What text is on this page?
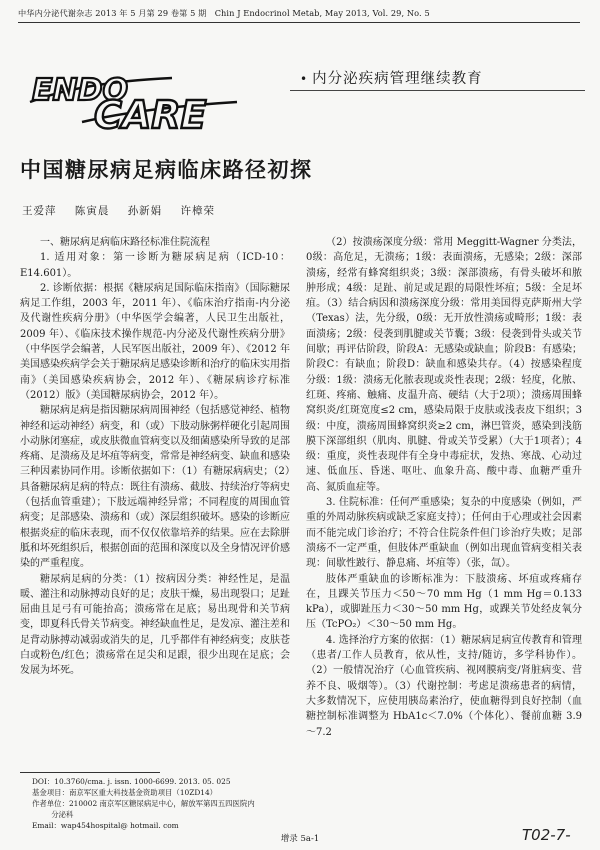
中华内分泌代谢杂志 2013 年 5 月第 29 卷第 5 期　Chin J Endocrinol Metab, May 2013, Vol. 29, No. 5
ENDO
CARE
• 内分泌疾病管理继续教育
中国糖尿病足病临床路径初探
王爱萍 陈寅晨 孙新娟 许樟荣

一、糖尿病足病临床路径标准住院流程

1. 适用对象：第一诊断为糖尿病足病（ICD-10：E14.601）。

2. 诊断依据：根据《糖尿病足国际临床指南》（国际糖尿病足工作组，2003 年，2011 年）、《临床治疗指南-内分泌及代谢性疾病分册》（中华医学会编著，人民卫生出版社，2009 年）、《临床技术操作规范-内分泌及代谢性疾病分册》（中华医学会编著，人民军医出版社，2009 年）、《2012 年美国感染疾病学会关于糖尿病足感染诊断和治疗的临床实用指南》（美国感染疾病协会，2012 年）、《糖尿病诊疗标准（2012）版》（美国糖尿病协会，2012 年）。

糖尿病足病是指因糖尿病周围神经（包括感觉神经、植物神经和运动神经）病变，和（或）下肢动脉粥样硬化引起周围小动脉闭塞症，或皮肤微血管病变以及细菌感染所导致的足部疼痛、足溃疡及足坏疽等病变，常常是神经病变、缺血和感染三种因素协同作用。诊断依据如下：（1）有糖尿病病史；（2）具备糖尿病足病的特点：既往有溃疡、截肢、持续治疗等病史（包括血管重建）；下肢远端神经异常；不同程度的周围血管病变；足部感染、溃疡和（或）深层组织破坏。感染的诊断应根据炎症的临床表现，而不仅仅依靠培养的结果。应在去除胼胝和坏死组织后，根据创面的范围和深度以及全身情况评价感染的严重程度。

糖尿病足病的分类：（1）按病因分类：神经性足，是温暖、灌注和动脉搏动良好的足；皮肤干燥，易出现裂口；足趾屈曲且足弓有可能抬高；溃疡常在足底；易出现骨和关节病变，即夏科氏骨关节病变。神经缺血性足，是发凉、灌注差和足背动脉搏动减弱或消失的足，几乎都伴有神经病变；皮肤苍白或粉色/红色；溃疡常在足尖和足跟，很少出现在足底；会发展为坏死。

（2）按溃疡深度分级：常用 Meggitt-Wagner 分类法，0级：高危足，无溃疡；1级：表面溃疡，无感染；2级：深部溃疡，经常有蜂窝组织炎；3级：深部溃疡，有骨头破坏和脓肿形成；4级：足趾、前足或足跟的局限性坏疽；5级：全足坏疽。（3）结合病因和溃疡深度分级：常用美国得克萨斯州大学（Texas）法，先分级，0级：无开放性溃疡或畸形；1级：表面溃疡；2级：侵袭到肌腱或关节囊；3级：侵袭到骨头或关节间歇；再评估阶段，阶段A：无感染或缺血；阶段B：有感染；阶段C：有缺血；阶段D：缺血和感染共存。（4）按感染程度分级：1级：溃疡无化脓表现或炎性表现；2级：轻度，化脓、红斑、疼痛、触痛、皮温升高、硬结（大于2项）；溃疡周围蜂窝织炎/红斑宽度≤2 cm，感染局限于皮肤或浅表皮下组织；3级：中度，溃疡周围蜂窝织炎≥2 cm，淋巴管炎，感染到浅筋膜下深部组织（肌肉、肌腱、骨或关节受累）（大于1项者）；4级：重度，炎性表现伴有全身中毒症状，发热、寒战、心动过速、低血压、昏迷、呕吐、血象升高、酸中毒、血糖严重升高、氮质血症等。

3. 住院标准：任何严重感染；复杂的中度感染（例如，严重的外周动脉疾病或缺乏家庭支持）；任何由于心理或社会因素而不能完成门诊治疗；不符合住院条件但门诊治疗失败；足部溃疡不一定严重，但肢体严重缺血（例如出现血管病变相关表现：间歇性跛行、静息痛、坏疽等）（张，氙）。

肢体严重缺血的诊断标准为：下肢溃疡、坏疽或疼痛存在，且踝关节压力＜50～70 mm Hg（1 mm Hg＝0.133 kPa），或脚趾压力＜30～50 mm Hg，或踝关节处经皮氧分压（TcPO₂）＜30～50 mm Hg。

4. 选择治疗方案的依据：（1）糖尿病足病宣传教育和管理（患者/工作人员教育，依从性，支持/随访，多学科协作）。（2）一般情况治疗（心血管疾病、视网膜病变/肾脏病变、营养不良、吸烟等）。（3）代谢控制：考虑足溃疡患者的病情，大多数情况下，应使用胰岛素治疗，使血糖得到良好控制（血糖控制标准调整为 HbA1c＜7.0%（个体化）、餐前血糖 3.9～7.2

DOI：10.3760/cma. j. issn. 1000-6699. 2013. 05. 025
基金项目：南京军区重大科技基金资助项目（10ZD14）
作者单位：210002 南京军区糖尿病足中心，解放军第四五四医院内
分泌科
Email：wap454hospital@ hotmail. com
增录 5a-1	T02-7-
